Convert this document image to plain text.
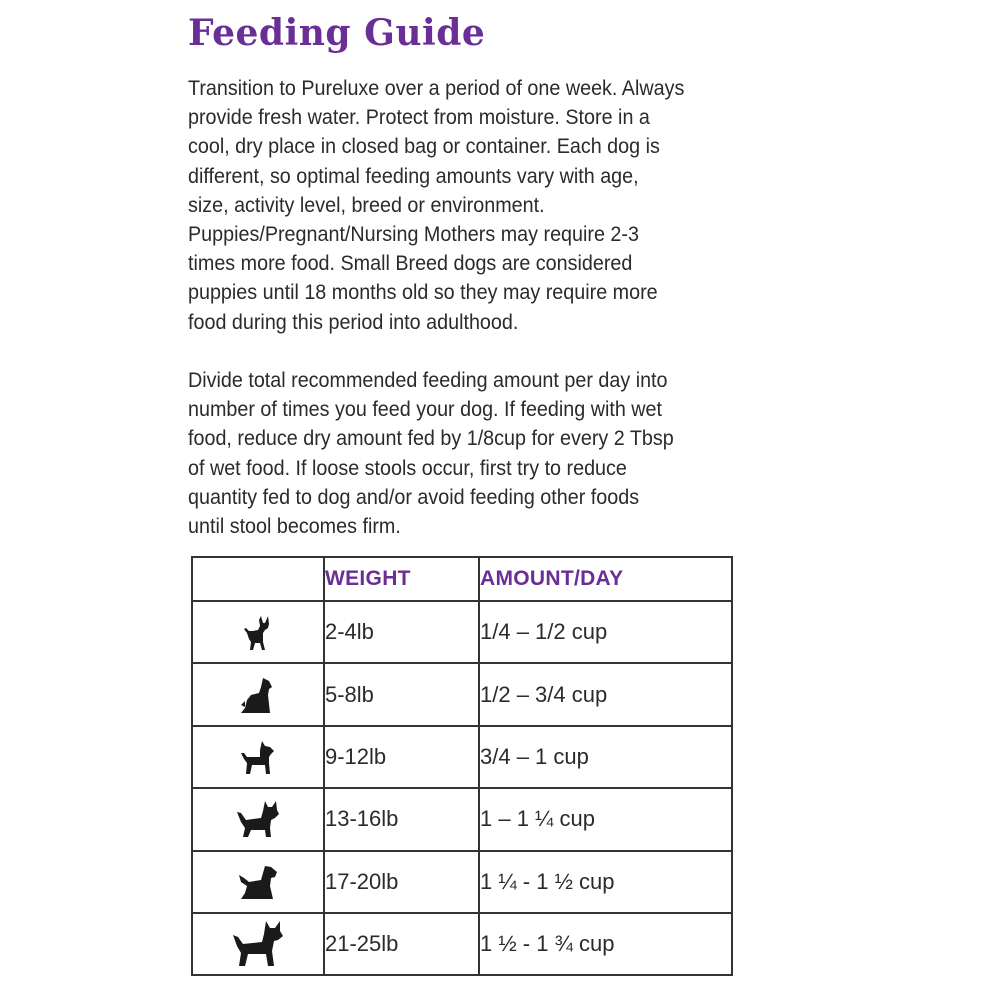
Feeding Guide
Transition to Pureluxe over a period of one week. Always
provide fresh water. Protect from moisture. Store in a
cool, dry place in closed bag or container. Each dog is
different, so optimal feeding amounts vary with age,
size, activity level, breed or environment.
Puppies/Pregnant/Nursing Mothers may require 2-3
times more food. Small Breed dogs are considered
puppies until 18 months old so they may require more
food during this period into adulthood.
Divide total recommended feeding amount per day into
number of times you feed your dog. If feeding with wet
food, reduce dry amount fed by 1/8cup for every 2 Tbsp
of wet food. If loose stools occur, first try to reduce
quantity fed to dog and/or avoid feeding other foods
until stool becomes firm.
	WEIGHT	AMOUNT/DAY
	2-4lb	1/4 – 1/2 cup
	5-8lb	1/2 – 3/4 cup
	9-12lb	3/4 – 1 cup
	13-16lb	1 – 1 ¼ cup
	17-20lb	1 ¼ - 1 ½ cup
	21-25lb	1 ½ - 1 ¾ cup
